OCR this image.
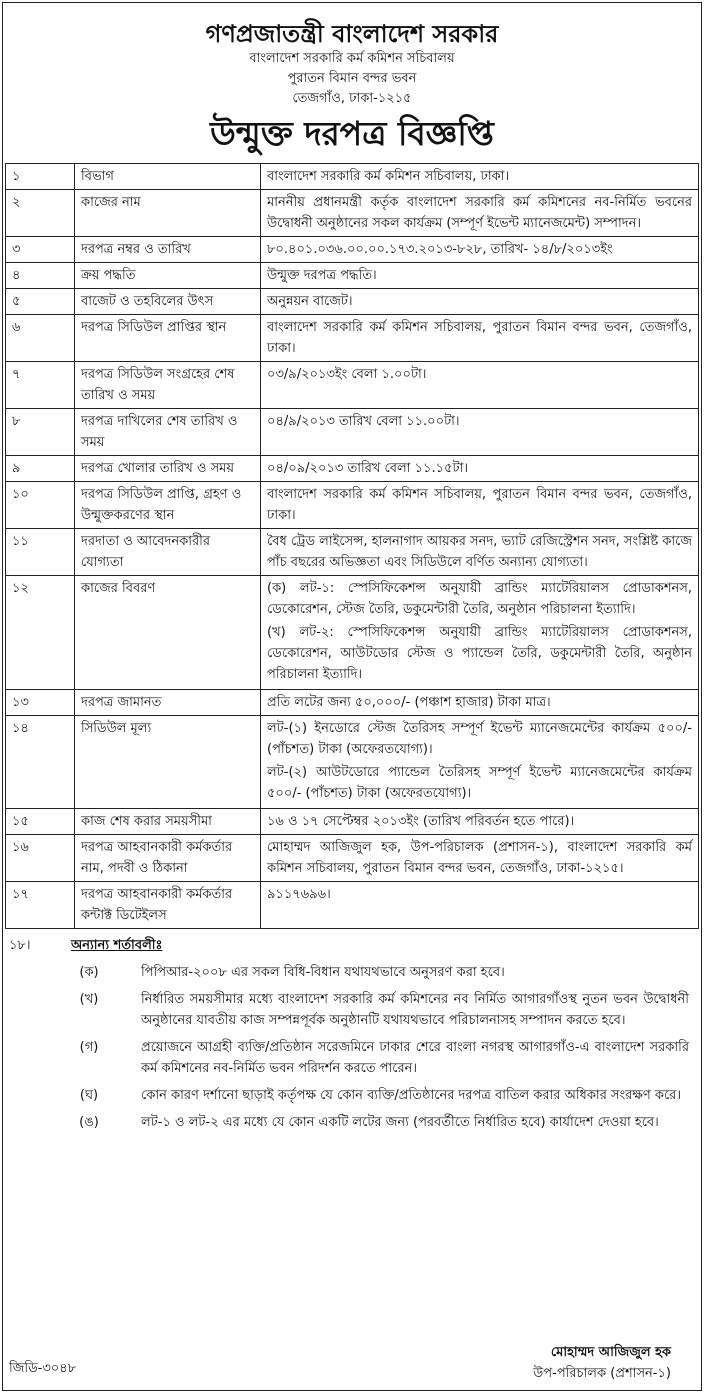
গণপ্রজাতন্ত্রী বাংলাদেশ সরকার
বাংলাদেশ সরকারি কর্ম কমিশন সচিবালয়
পুরাতন বিমান বন্দর ভবন
তেজগাঁও, ঢাকা-১২১৫
উন্মুক্ত দরপত্র বিজ্ঞপ্তি
১	বিভাগ	বাংলাদেশ সরকারি কর্ম কমিশন সচিবালয়, ঢাকা।
২	কাজের নাম	মাননীয় প্রধানমন্ত্রী কর্তৃক বাংলাদেশ সরকারি কর্ম কমিশনের নব-নির্মিত ভবনের উদ্বোধনী অনুষ্ঠানের সকল কার্যক্রম (সম্পূর্ণ ইভেন্ট ম্যানেজমেন্ট) সম্পাদন।
৩	দরপত্র নম্বর ও তারিখ	৮০.৪০১.০৩৬.০০.০০.১৭৩.২০১৩-৮২৮, তারিখ- ১৪/৮/২০১৩ইং
৪	ক্রয় পদ্ধতি	উন্মুক্ত দরপত্র পদ্ধতি।
৫	বাজেট ও তহবিলের উৎস	অনুন্নয়ন বাজেট।
৬	দরপত্র সিডিউল প্রাপ্তির স্থান	বাংলাদেশ সরকারি কর্ম কমিশন সচিবালয়, পুরাতন বিমান বন্দর ভবন, তেজগাঁও, ঢাকা।
৭	দরপত্র সিডিউল সংগ্রহের শেষ তারিখ ও সময়	০৩/৯/২০১৩ইং বেলা ১.০০টা।
৮	দরপত্র দাখিলের শেষ তারিখ ও সময়	০৪/৯/২০১৩ তারিখ বেলা ১১.০০টা।
৯	দরপত্র খোলার তারিখ ও সময়	০৪/০৯/২০১৩ তারিখ বেলা ১১.১৫টা।
১০	দরপত্র সিডিউল প্রাপ্তি, গ্রহণ ও উন্মুক্তকরণের স্থান	বাংলাদেশ সরকারি কর্ম কমিশন সচিবালয়, পুরাতন বিমান বন্দর ভবন, তেজগাঁও, ঢাকা।
১১	দরদাতা ও আবেদনকারীর যোগ্যতা	বৈধ ট্রেড লাইসেন্স, হালনাগাদ আয়কর সনদ, ভ্যাট রেজিস্ট্রেশন সনদ, সংশ্লিষ্ট কাজে পাঁচ বছরের অভিজ্ঞতা এবং সিডিউলে বর্ণিত অন্যান্য যোগ্যতা।
১২	কাজের বিবরণ	(ক) লট-১: স্পেসিফিকেশন্স অনুযায়ী ব্রান্ডিং ম্যাটেরিয়ালস প্রোডাকশনস, ডেকোরেশন, স্টেজ তৈরি, ডকুমেন্টারী তৈরি, অনুষ্ঠান পরিচালনা ইত্যাদি।
(খ) লট-২: স্পেসিফিকেশন্স অনুযায়ী ব্রান্ডিং ম্যাটেরিয়ালস প্রোডাকশনস, ডেকোরেশন, আউটডোর স্টেজ ও প্যান্ডেল তৈরি, ডকুমেন্টারী তৈরি, অনুষ্ঠান পরিচালনা ইত্যাদি।

১৩	দরপত্র জামানত	প্রতি লটের জন্য ৫০,০০০/- (পঞ্চাশ হাজার) টাকা মাত্র।
১৪	সিডিউল মূল্য	লট-(১) ইনডোরে স্টেজ তৈরিসহ সম্পূর্ণ ইভেন্ট ম্যানেজমেন্টের কার্যক্রম ৫০০/- (পাঁচশত) টাকা (অফেরতযোগ্য)।
লট-(২) আউটডোরে প্যান্ডেল তৈরিসহ সম্পূর্ণ ইভেন্ট ম্যানেজমেন্টের কার্যক্রম ৫০০/- (পাঁচশত) টাকা (অফেরতযোগ্য)।

১৫	কাজ শেষ করার সময়সীমা	১৬ ও ১৭ সেপ্টেম্বর ২০১৩ইং (তারিখ পরিবর্তন হতে পারে)।
১৬	দরপত্র আহবানকারী কর্মকর্তার নাম, পদবী ও ঠিকানা	মোহাম্মদ আজিজুল হক, উপ-পরিচালক (প্রশাসন-১), বাংলাদেশ সরকারি কর্ম কমিশন সচিবালয়, পুরাতন বিমান বন্দর ভবন, তেজগাঁও, ঢাকা-১২১৫।
১৭	দরপত্র আহবানকারী কর্মকর্তার কন্টাক্ট ডিটেইলস	৯১১৭৬৯৬।
১৮।	অন্যান্য শর্তাবলীঃ
(ক)	পিপিআর-২০০৮ এর সকল বিধি-বিধান যথাযথভাবে অনুসরণ করা হবে।
(খ)	নির্ধারিত সময়সীমার মধ্যে বাংলাদেশ সরকারি কর্ম কমিশনের নব নির্মিত আগারগাঁওস্থ নুতন ভবন উদ্বোধনী অনুষ্ঠানের যাবতীয় কাজ সম্পন্নপূর্বক অনুষ্ঠানটি যথাযথভাবে পরিচালনাসহ সম্পাদন করতে হবে।
(গ)	প্রয়োজনে আগ্রহী ব্যক্তি/প্রতিষ্ঠান সরেজমিনে ঢাকার শেরে বাংলা নগরস্থ আগারগাঁও-এ বাংলাদেশ সরকারি কর্ম কমিশনের নব-নির্মিত ভবন পরিদর্শন করতে পারেন।
(ঘ)	কোন কারণ দর্শানো ছাড়াই কর্তৃপক্ষ যে কোন ব্যক্তি/প্রতিষ্ঠানের দরপত্র বাতিল করার অধিকার সংরক্ষণ করে।
(ঙ)	লট-১ ও লট-২ এর মধ্যে যে কোন একটি লটের জন্য (পরবর্তীতে নির্ধারিত হবে) কার্যাদেশ দেওয়া হবে।
জিডি-৩০৪৮
মোহাম্মদ আজিজুল হক
উপ-পরিচালক (প্রশাসন-১)
